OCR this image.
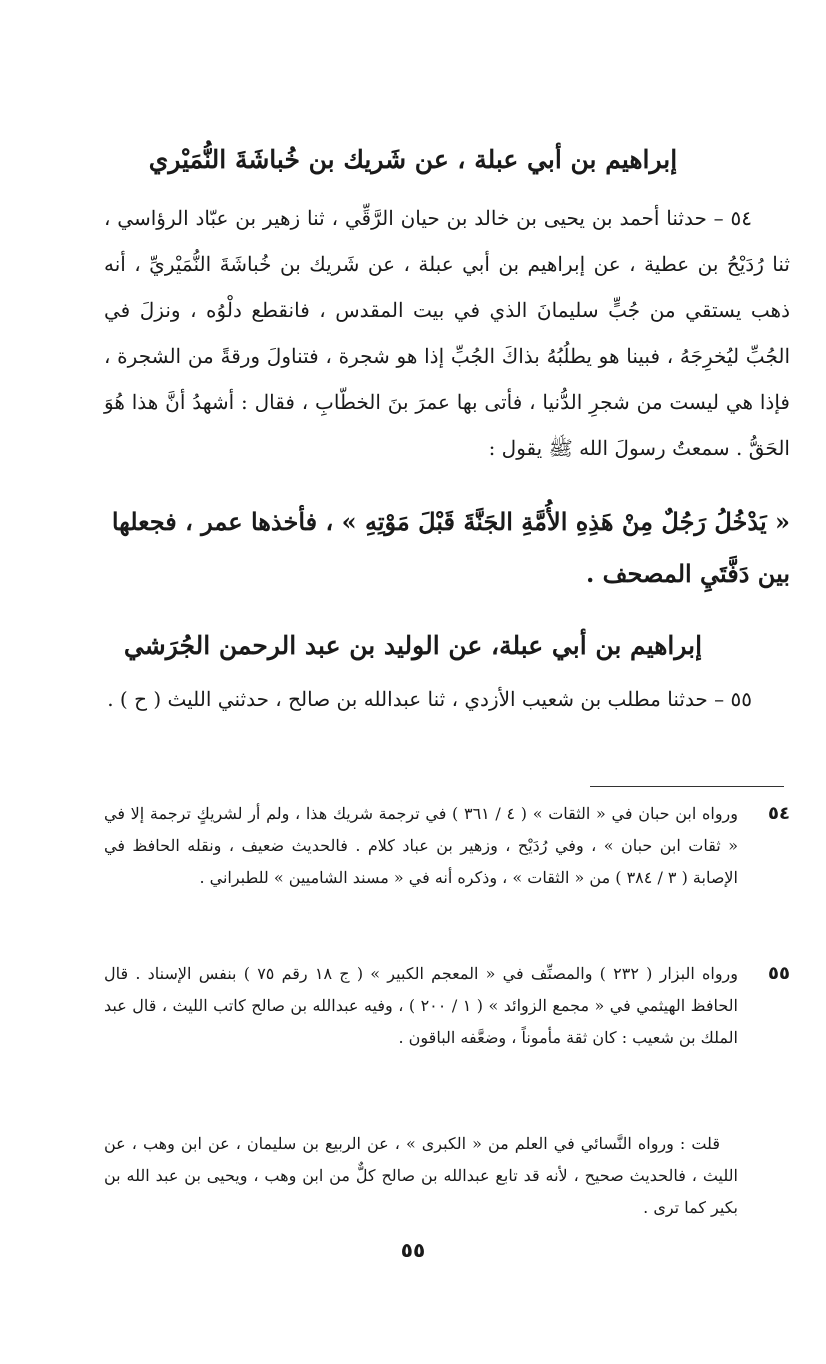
إبراهيم بن أبي عبلة ، عن شَريك بن خُباشَةَ النُّمَيْري

٥٤ – حدثنا أحمد بن يحيى بن خالد بن حيان الرَّقِّي ، ثنا زهير بن عبّاد الرؤاسي ، ثنا رُدَيْحُ بن عطية ، عن إبراهيم بن أبي عبلة ، عن شَريك بن خُباشَةَ النُّمَيْريِّ ، أنه ذهب يستقي من جُبٍّ سليمانَ الذي في بيت المقدس ، فانقطع دلْوُه ، ونزلَ في الجُبِّ ليُخرِجَهُ ، فبينا هو يطلُبُهُ بذاكَ الجُبِّ إذا هو شجرة ، فتناولَ ورقةً من الشجرة ، فإذا هي ليست من شجرِ الدُّنيا ، فأتى بها عمرَ بنَ الخطّابِ ، فقال : أشهدُ أنَّ هذا هُوَ الحَقُّ . سمعتُ رسولَ الله ﷺ يقول :

« يَدْخُلُ رَجُلٌ مِنْ هَذِهِ الأُمَّةِ الجَنَّةَ قَبْلَ مَوْتِهِ » ، فأخذها عمر ، فجعلها بين دَفَّتَيِ المصحف .

إبراهيم بن أبي عبلة، عن الوليد بن عبد الرحمن الجُرَشي

٥٥ – حدثنا مطلب بن شعيب الأزدي ، ثنا عبدالله بن صالح ، حدثني الليث ( ح ) .

٥٤
ورواه ابن حبان في « الثقات » ( ٤ / ٣٦١ ) في ترجمة شريك هذا ، ولم أر لشريكٍ ترجمة إلا في « ثقات ابن حبان » ، وفي رُدَيْح ، وزهير بن عباد كلام . فالحديث ضعيف ، ونقله الحافظ في الإصابة ( ٣ / ٣٨٤ ) من « الثقات » ، وذكره أنه في « مسند الشاميين » للطبراني .
٥٥
ورواه البزار ( ٢٣٢ ) والمصنِّف في « المعجم الكبير » ( ج ١٨ رقم ٧٥ ) بنفس الإسناد . قال الحافظ الهيثمي في « مجمع الزوائد » ( ١ / ٢٠٠ ) ، وفيه عبدالله بن صالح كاتب الليث ، قال عبد الملك بن شعيب : كان ثقة مأموناً ، وضعَّفه الباقون .
قلت : ورواه النَّسائي في العلم من « الكبرى » ، عن الربيع بن سليمان ، عن ابن وهب ، عن الليث ، فالحديث صحيح ، لأنه قد تابع عبدالله بن صالح كلٌّ من ابن وهب ، ويحيى بن عبد الله بن بكير كما ترى .
٥٥
